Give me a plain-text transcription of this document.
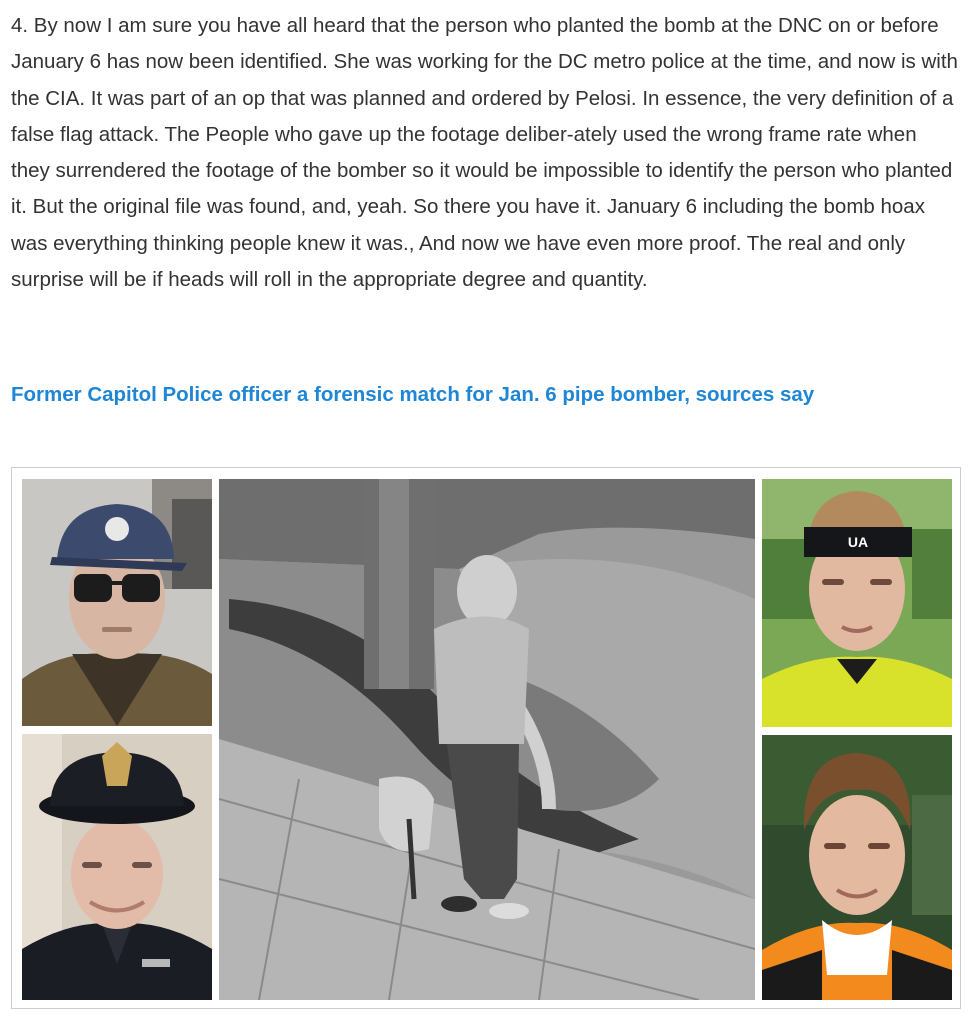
4. By now I am sure you have all heard that the person who planted the bomb at the DNC on or before January 6 has now been identified. She was working for the DC metro police at the time, and now is with the CIA. It was part of an op that was planned and ordered by Pelosi. In essence, the very definition of a false flag attack. The People who gave up the footage deliber-ately used the wrong frame rate when they surrendered the footage of the bomber so it would be impossible to identify the person who planted it. But the original file was found, and, yeah. So there you have it. January 6 including the bomb hoax was everything thinking people knew it was., And now we have even more proof. The real and only surprise will be if heads will roll in the appropriate degree and quantity.
Former Capitol Police officer a forensic match for Jan. 6 pipe bomber, sources say
UA
